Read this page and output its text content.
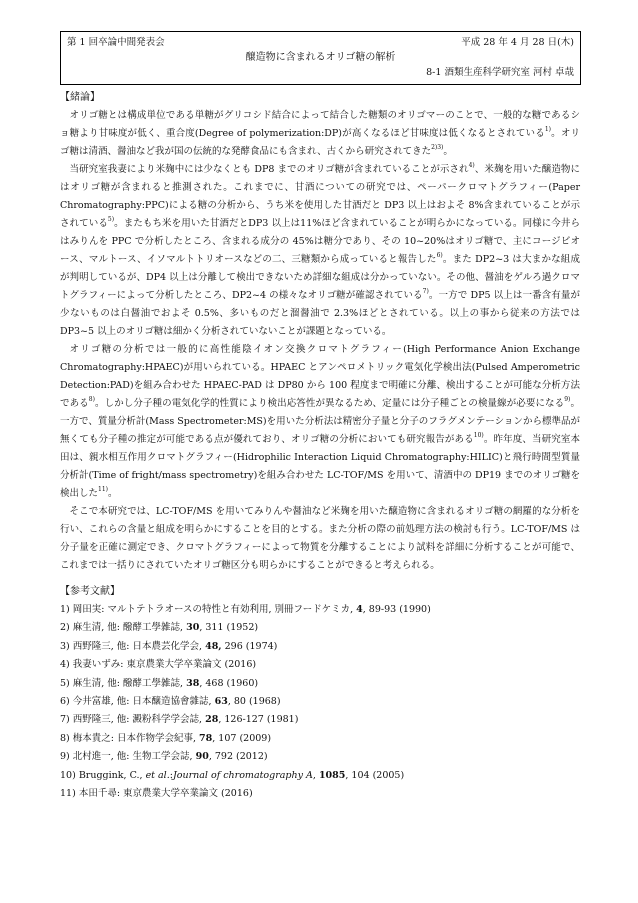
第 1 回卒論中間発表会	平成 28 年 4 月 28 日(木)
醸造物に含まれるオリゴ糖の解析
8-1 酒類生産科学研究室 河村 卓哉
【緒論】

オリゴ糖とは構成単位である単糖がグリコシド結合によって結合した糖類のオリゴマーのことで、一般的な糖であるショ糖より甘味度が低く、重合度(Degree of polymerization:DP)が高くなるほど甘味度は低くなるとされている$^{1)}$。オリゴ糖は清酒、醤油など我が国の伝統的な発酵食品にも含まれ、古くから研究されてきた$^{2)3)}$。

当研究室我妻により米麹中には少なくとも DP8 までのオリゴ糖が含まれていることが示され$^{4)}$、米麹を用いた醸造物にはオリゴ糖が含まれると推測された。これまでに、甘酒についての研究では、ペーパークロマトグラフィー(Paper Chromatography:PPC)による糖の分析から、うち米を使用した甘酒だと DP3 以上はおよそ 8%含まれていることが示されている$^{5)}$。またもち米を用いた甘酒だとDP3 以上は11%ほど含まれていることが明らかになっている。同様に今井らはみりんを PPC で分析したところ、含まれる成分の 45%は糖分であり、その 10~20%はオリゴ糖で、主にコージビオース、マルトース、イソマルトトリオースなどの二、三糖類から成っていると報告した$^{6)}$。また DP2~3 は大まかな組成が判明しているが、DP4 以上は分離して検出できないため詳細な組成は分かっていない。その他、醤油をゲルろ過クロマトグラフィーによって分析したところ、DP2~4 の様々なオリゴ糖が確認されている$^{7)}$。一方で DP5 以上は一番含有量が少ないものは白醤油でおよそ 0.5%、多いものだと溜醤油で 2.3%ほどとされている。以上の事から従来の方法では DP3~5 以上のオリゴ糖は細かく分析されていないことが課題となっている。

オリゴ糖の分析では一般的に高性能陰イオン交換クロマトグラフィー(High Performance Anion Exchange Chromatography:HPAEC)が用いられている。HPAEC とアンペロメトリック電気化学検出法(Pulsed Amperometric Detection:PAD)を組み合わせた HPAEC-PAD は DP80 から 100 程度まで明確に分離、検出することが可能な分析方法である$^{8)}$。しかし分子種の電気化学的性質により検出応答性が異なるため、定量には分子種ごとの検量線が必要になる$^{9)}$。一方で、質量分析計(Mass Spectrometer:MS)を用いた分析法は精密分子量と分子のフラグメンテーションから標準品が無くても分子種の推定が可能である点が優れており、オリゴ糖の分析においても研究報告がある$^{10)}$。昨年度、当研究室本田は、親水相互作用クロマトグラフィー(Hidrophilic Interaction Liquid Chromatography:HILIC)と飛行時間型質量分析計(Time of fright/mass spectrometry)を組み合わせた LC-TOF/MS を用いて、清酒中の DP19 までのオリゴ糖を検出した$^{11)}$。

そこで本研究では、LC-TOF/MS を用いてみりんや醤油など米麹を用いた醸造物に含まれるオリゴ糖の網羅的な分析を行い、これらの含量と組成を明らかにすることを目的とする。また分析の際の前処理方法の検討も行う。LC-TOF/MS は分子量を正確に測定でき、クロマトグラフィーによって物質を分離することにより試料を詳細に分析することが可能で、これまでは一括りにされていたオリゴ糖区分も明らかにすることができると考えられる。

【参考文献】
1) 岡田実: マルトテトラオースの特性と有効利用, 別冊フードケミカ, 4, 89-93 (1990)
2) 麻生清, 他: 醱酵工學雑誌, 30, 311 (1952)
3) 西野隆三, 他: 日本農芸化学会, 48, 296 (1974)
4) 我妻いずみ: 東京農業大学卒業論文 (2016)
5) 麻生清, 他: 醱酵工學雑誌, 38, 468 (1960)
6) 今井富雄, 他: 日本醸造協會雜誌, 63, 80 (1968)
7) 西野隆三, 他: 澱粉科学学会誌, 28, 126-127 (1981)
8) 梅本貴之: 日本作物学会紀事, 78, 107 (2009)
9) 北村進一, 他: 生物工学会誌, 90, 792 (2012)
10) Bruggink, C., et al.:Journal of chromatography A, 1085, 104 (2005)
11) 本田千尋: 東京農業大学卒業論文 (2016)
